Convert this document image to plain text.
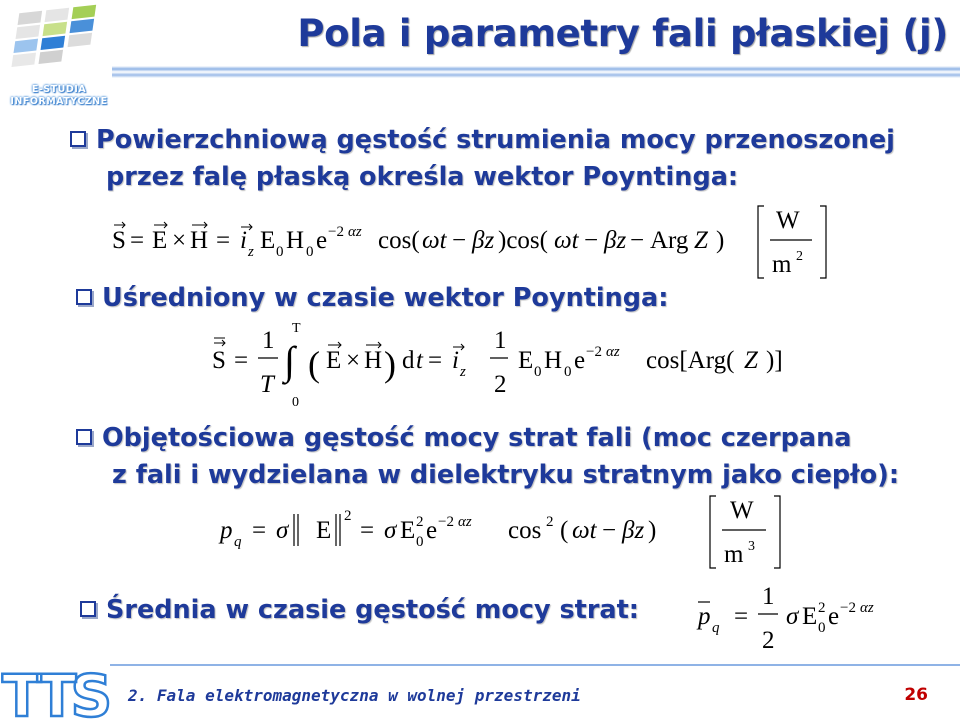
E-STUDIA
INFORMATYCZNE
Pola i parametry fali płaskiej (j)
Powierzchniową gęstość strumienia mocy przenoszonej
przez falę płaską określa wektor Poyntinga:
S = E × H = i z E 0 H 0 e −2 αz cos( ωt − βz )cos( ωt − βz − Arg Z )
W
m 2
Uśredniony w czasie wektor Poyntinga:
S =
1
T
T
∫
0
( E × H ) d t = i z
1
2
E 0 H 0 e −2 αz cos[Arg( Z )]
Objętościowa gęstość mocy strat fali (moc czerpana
z fali i wydzielana w dielektryku stratnym jako ciepło):
p q = σ E
2
= σ E 2
0 e −2 αz cos 2 ( ωt − βz )
W
m 3
Średnia w czasie gęstość mocy strat: p q =
1
2
σ E 2
0 e −2 αz
TTS 2. Fala elektromagnetyczna w wolnej przestrzeni	26
